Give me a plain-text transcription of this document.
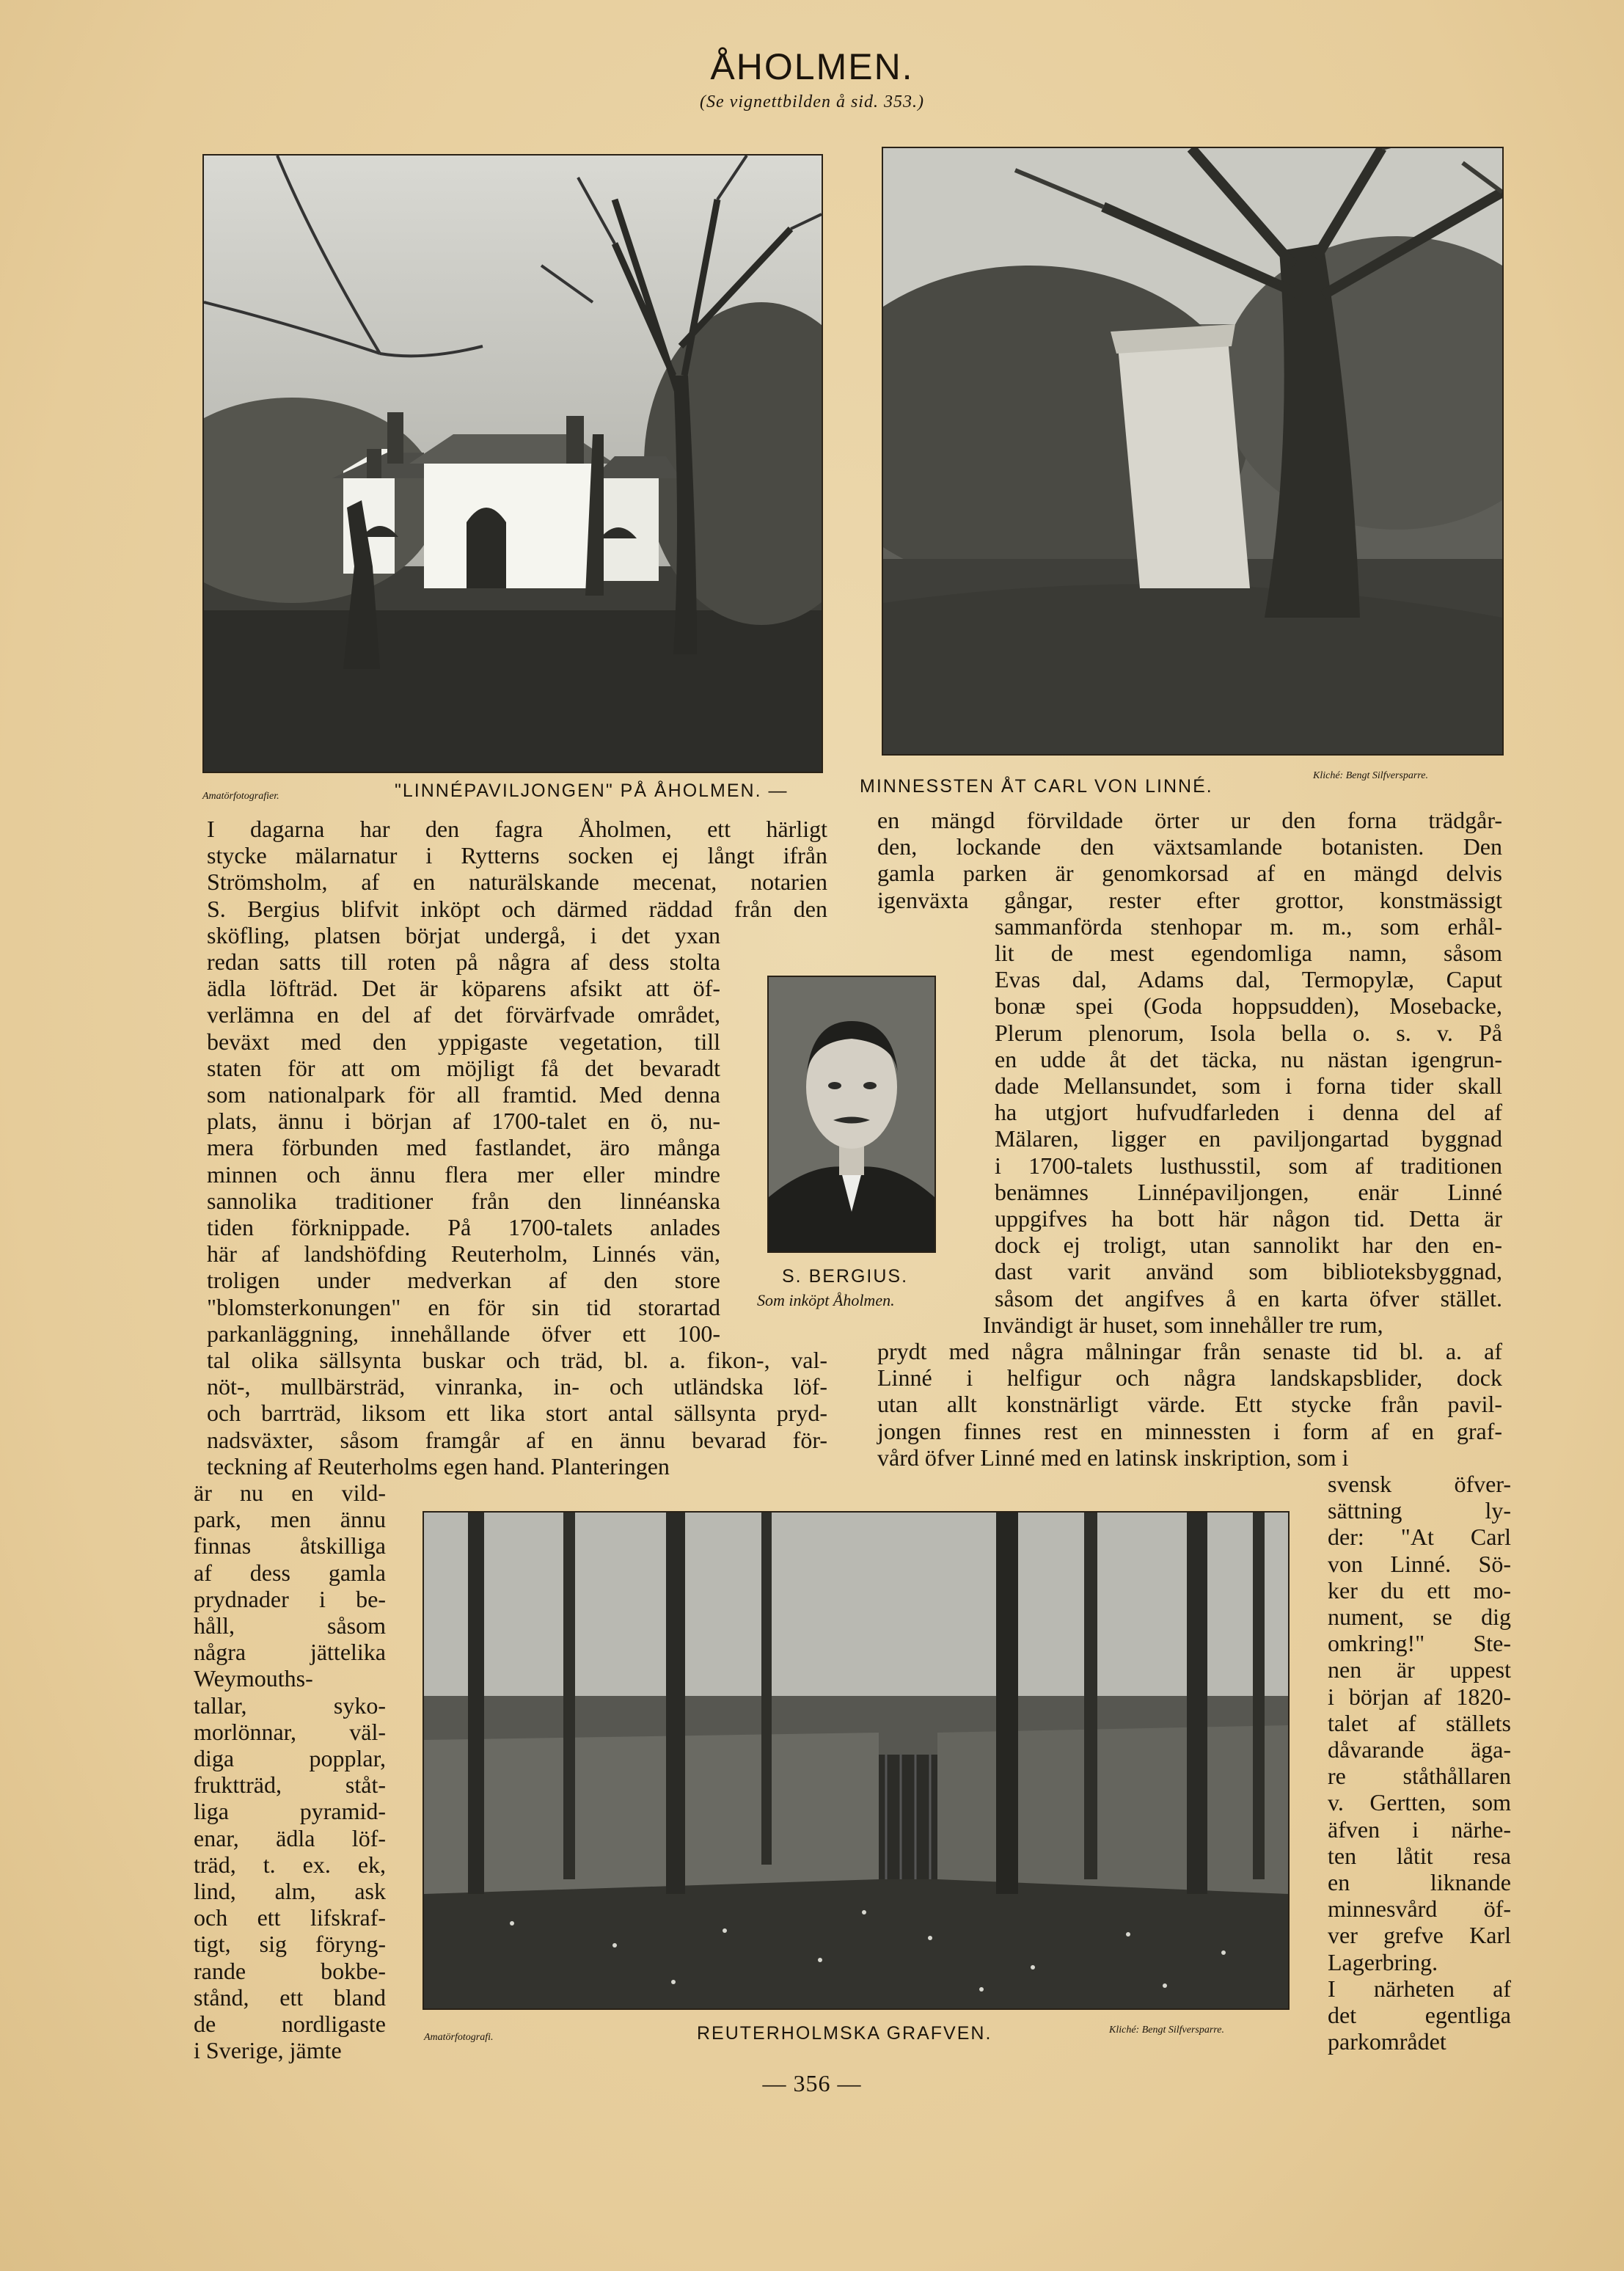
ÅHOLMEN.
(Se vignettbilden å sid. 353.)
Amatörfotografier.	"LINNÉPAVILJONGEN" PÅ ÅHOLMEN. —	MINNESSTEN ÅT CARL VON LINNÉ.
Kliché: Bengt Silfversparre.
S. BERGIUS.
Som inköpt Åholmen.
Amatörfotografi.	REUTERHOLMSKA GRAFVEN.	Kliché: Bengt Silfversparre.
I dagarna har den fagra Åholmen, ett härligt
stycke mälarnatur i Rytterns socken ej långt ifrån
Strömsholm, af en naturälskande mecenat, notarien
S. Bergius blifvit inköpt och därmed räddad från den
sköfling, platsen börjat undergå, i det yxan
redan satts till roten på några af dess stolta
ädla löfträd. Det är köparens afsikt att öf-
verlämna en del af det förvärfvade området,
beväxt med den yppigaste vegetation, till
staten för att om möjligt få det bevaradt
som nationalpark för all framtid. Med denna
plats, ännu i början af 1700-talet en ö, nu-
mera förbunden med fastlandet, äro många
minnen och ännu flera mer eller mindre
sannolika traditioner från den linnéanska
tiden förknippade. På 1700-talets anlades
här af landshöfding Reuterholm, Linnés vän,
troligen under medverkan af den store
"blomsterkonungen" en för sin tid storartad
parkanläggning, innehållande öfver ett 100-
tal olika sällsynta buskar och träd, bl. a. fikon-, val-
nöt-, mullbärsträd, vinranka, in- och utländska löf-
och barrträd, liksom ett lika stort antal sällsynta pryd-
nadsväxter, såsom framgår af en ännu bevarad för-
teckning af Reuterholms egen hand. Planteringen
är nu en vild-
park, men ännu
finnas åtskilliga
af dess gamla
prydnader i be-
håll, såsom
några jättelika
Weymouths-
tallar, syko-
morlönnar, väl-
diga popplar,
fruktträd, ståt-
liga pyramid-
enar, ädla löf-
träd, t. ex. ek,
lind, alm, ask
och ett lifskraf-
tigt, sig föryng-
rande bokbe-
stånd, ett bland
de nordligaste
i Sverige, jämte
en mängd förvildade örter ur den forna trädgår-
den, lockande den växtsamlande botanisten. Den
gamla parken är genomkorsad af en mängd delvis
igenväxta gångar, rester efter grottor, konstmässigt
sammanförda stenhopar m. m., som erhål-
lit de mest egendomliga namn, såsom
Evas dal, Adams dal, Termopylæ, Caput
bonæ spei (Goda hoppsudden), Mosebacke,
Plerum plenorum, Isola bella o. s. v. På
en udde åt det täcka, nu nästan igengrun-
dade Mellansundet, som i forna tider skall
ha utgjort hufvudfarleden i denna del af
Mälaren, ligger en paviljongartad byggnad
i 1700-talets lusthusstil, som af traditionen
benämnes Linnépaviljongen, enär Linné
uppgifves ha bott här någon tid. Detta är
dock ej troligt, utan sannolikt har den en-
dast varit använd som biblioteksbyggnad,
såsom det angifves å en karta öfver stället.
Invändigt är huset, som innehåller tre rum,
prydt med några målningar från senaste tid bl. a. af
Linné i helfigur och några landskapsblider, dock
utan allt konstnärligt värde. Ett stycke från pavil-
jongen finnes rest en minnessten i form af en graf-
vård öfver Linné med en latinsk inskription, som i
svensk öfver-
sättning ly-
der: "At Carl
von Linné. Sö-
ker du ett mo-
nument, se dig
omkring!" Ste-
nen är uppest
i början af 1820-
talet af ställets
dåvarande äga-
re ståthållaren
v. Gertten, som
äfven i närhe-
ten låtit resa
en liknande
minnesvård öf-
ver grefve Karl
Lagerbring.
I närheten af
det egentliga
parkområdet
— 356 —
